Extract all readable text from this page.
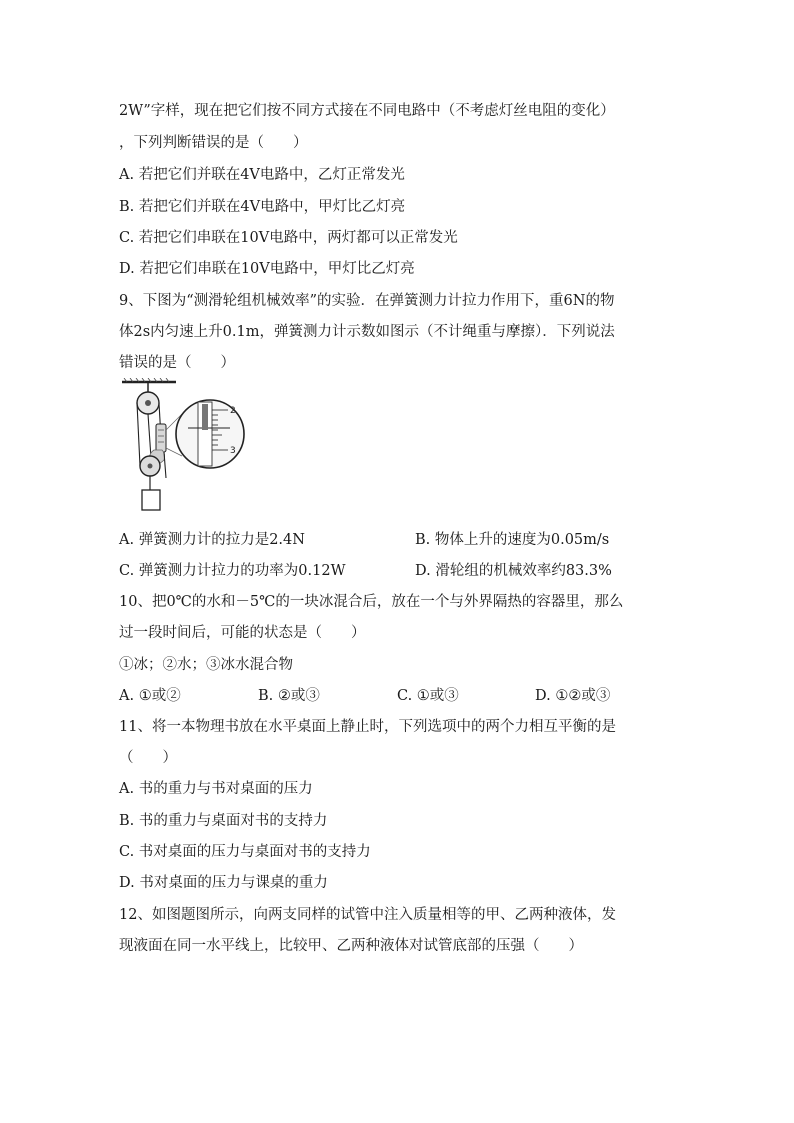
2W”字样，现在把它们按不同方式接在不同电路中（不考虑灯丝电阻的变化）
，下列判断错误的是（　　）
A. 若把它们并联在4V电路中，乙灯正常发光
B. 若把它们并联在4V电路中，甲灯比乙灯亮
C. 若把它们串联在10V电路中，两灯都可以正常发光
D. 若把它们串联在10V电路中，甲灯比乙灯亮
9、下图为“测滑轮组机械效率”的实验．在弹簧测力计拉力作用下，重6N的物
体2s内匀速上升0.1m，弹簧测力计示数如图示（不计绳重与摩擦）．下列说法
错误的是（　　）
2
3
A. 弹簧测力计的拉力是2.4N	B. 物体上升的速度为0.05m/s
C. 弹簧测力计拉力的功率为0.12W	D. 滑轮组的机械效率约83.3%
10、把0℃的水和－5℃的一块冰混合后，放在一个与外界隔热的容器里，那么
过一段时间后，可能的状态是（　　）
①冰；②水；③冰水混合物
A. ①或②	B. ②或③	C. ①或③	D. ①②或③
11、将一本物理书放在水平桌面上静止时，下列选项中的两个力相互平衡的是
（　　）
A. 书的重力与书对桌面的压力
B. 书的重力与桌面对书的支持力
C. 书对桌面的压力与桌面对书的支持力
D. 书对桌面的压力与课桌的重力
12、如图题图所示，向两支同样的试管中注入质量相等的甲、乙两种液体，发
现液面在同一水平线上，比较甲、乙两种液体对试管底部的压强（　　）
